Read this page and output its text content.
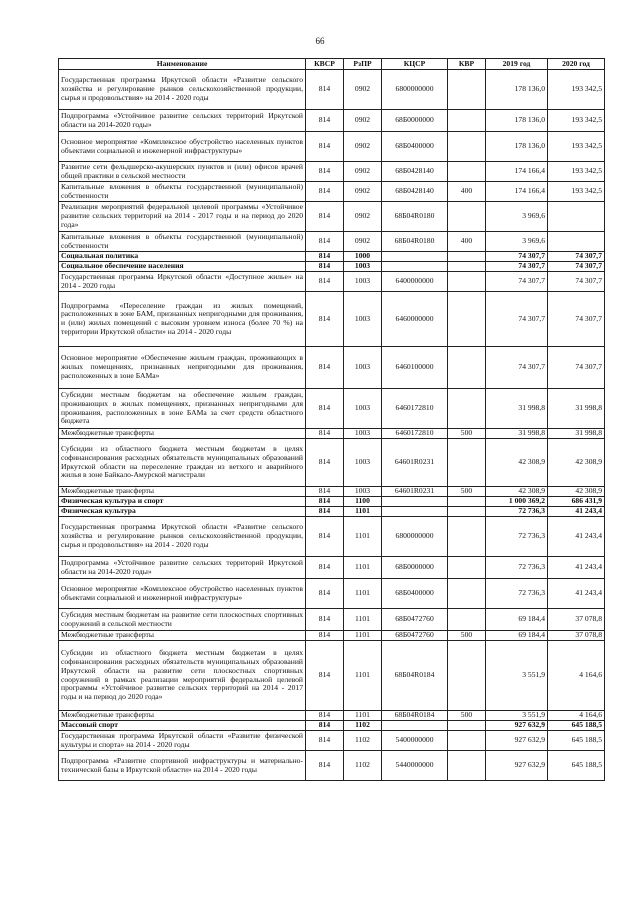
66
Наименование	КВСР	РзПР	КЦСР	КВР	2019 год	2020 год
Государственная программа Иркутской области «Развитие сельского хозяйства и регулирование рынков сельскохозяйственной продукции, сырья и продовольствия» на 2014 - 2020 годы	814	0902	6800000000		178 136,0	193 342,5
Подпрограмма «Устойчивое развитие сельских территорий Иркутской области на 2014-2020 годы»	814	0902	68Б0000000		178 136,0	193 342,5
Основное мероприятие «Комплексное обустройство населенных пунктов объектами социальной и инженерной инфраструктуры»	814	0902	68Б0400000		178 136,0	193 342,5
Развитие сети фельдшерско-акушерских пунктов и (или) офисов врачей общей практики в сельской местности	814	0902	68Б0428140		174 166,4	193 342,5
Капитальные вложения в объекты государственной (муниципальной) собственности	814	0902	68Б0428140	400	174 166,4	193 342,5
Реализация мероприятий федеральной целевой программы «Устойчивое развитие сельских территорий на 2014 - 2017 годы и на период до 2020 года»	814	0902	68Б04R0180		3 969,6	
Капитальные вложения в объекты государственной (муниципальной) собственности	814	0902	68Б04R0180	400	3 969,6	
Социальная политика	814	1000			74 307,7	74 307,7
Социальное обеспечение населения	814	1003			74 307,7	74 307,7
Государственная программа Иркутской области «Доступное жилье» на 2014 - 2020 годы	814	1003	6400000000		74 307,7	74 307,7
Подпрограмма «Переселение граждан из жилых помещений, расположенных в зоне БАМ, признанных непригодными для проживания, и (или) жилых помещений с высоким уровнем износа (более 70 %) на территории Иркутской области» на 2014 - 2020 годы	814	1003	6460000000		74 307,7	74 307,7
Основное мероприятие «Обеспечение жильем граждан, проживающих в жилых помещениях, признанных непригодными для проживания, расположенных в зоне БАМа»	814	1003	6460100000		74 307,7	74 307,7
Субсидии местным бюджетам на обеспечение жильем граждан, проживающих в жилых помещениях, признанных непригодными для проживания, расположенных в зоне БАМа за счет средств областного бюджета	814	1003	6460172810		31 998,8	31 998,8
Межбюджетные трансферты	814	1003	6460172810	500	31 998,8	31 998,8
Субсидии из областного бюджета местным бюджетам в целях софинансирования расходных обязательств муниципальных образований Иркутской области на переселение граждан из ветхого и аварийного жилья в зоне Байкало-Амурской магистрали	814	1003	64601R0231		42 308,9	42 308,9
Межбюджетные трансферты	814	1003	64601R0231	500	42 308,9	42 308,9
Физическая культура и спорт	814	1100			1 000 369,2	686 431,9
Физическая культура	814	1101			72 736,3	41 243,4
Государственная программа Иркутской области «Развитие сельского хозяйства и регулирование рынков сельскохозяйственной продукции, сырья и продовольствия» на 2014 - 2020 годы	814	1101	6800000000		72 736,3	41 243,4
Подпрограмма «Устойчивое развитие сельских территорий Иркутской области на 2014-2020 годы»	814	1101	68Б0000000		72 736,3	41 243,4
Основное мероприятие «Комплексное обустройство населенных пунктов объектами социальной и инженерной инфраструктуры»	814	1101	68Б0400000		72 736,3	41 243,4
Субсидия местным бюджетам на развитие сети плоскостных спортивных сооружений в сельской местности	814	1101	68Б0472760		69 184,4	37 078,8
Межбюджетные трансферты	814	1101	68Б0472760	500	69 184,4	37 078,8
Субсидии из областного бюджета местным бюджетам в целях софинансирования расходных обязательств муниципальных образований Иркутской области на развитие сети плоскостных спортивных сооружений в рамках реализации мероприятий федеральной целевой программы «Устойчивое развитие сельских территорий на 2014 - 2017 годы и на период до 2020 года»	814	1101	68Б04R0184		3 551,9	4 164,6
Межбюджетные трансферты	814	1101	68Б04R0184	500	3 551,9	4 164,6
Массовый спорт	814	1102			927 632,9	645 188,5
Государственная программа Иркутской области «Развитие физической культуры и спорта» на 2014 - 2020 годы	814	1102	5400000000		927 632,9	645 188,5
Подпрограмма «Развитие спортивной инфраструктуры и материально- технической базы в Иркутской области» на 2014 - 2020 годы	814	1102	5440000000		927 632,9	645 188,5
